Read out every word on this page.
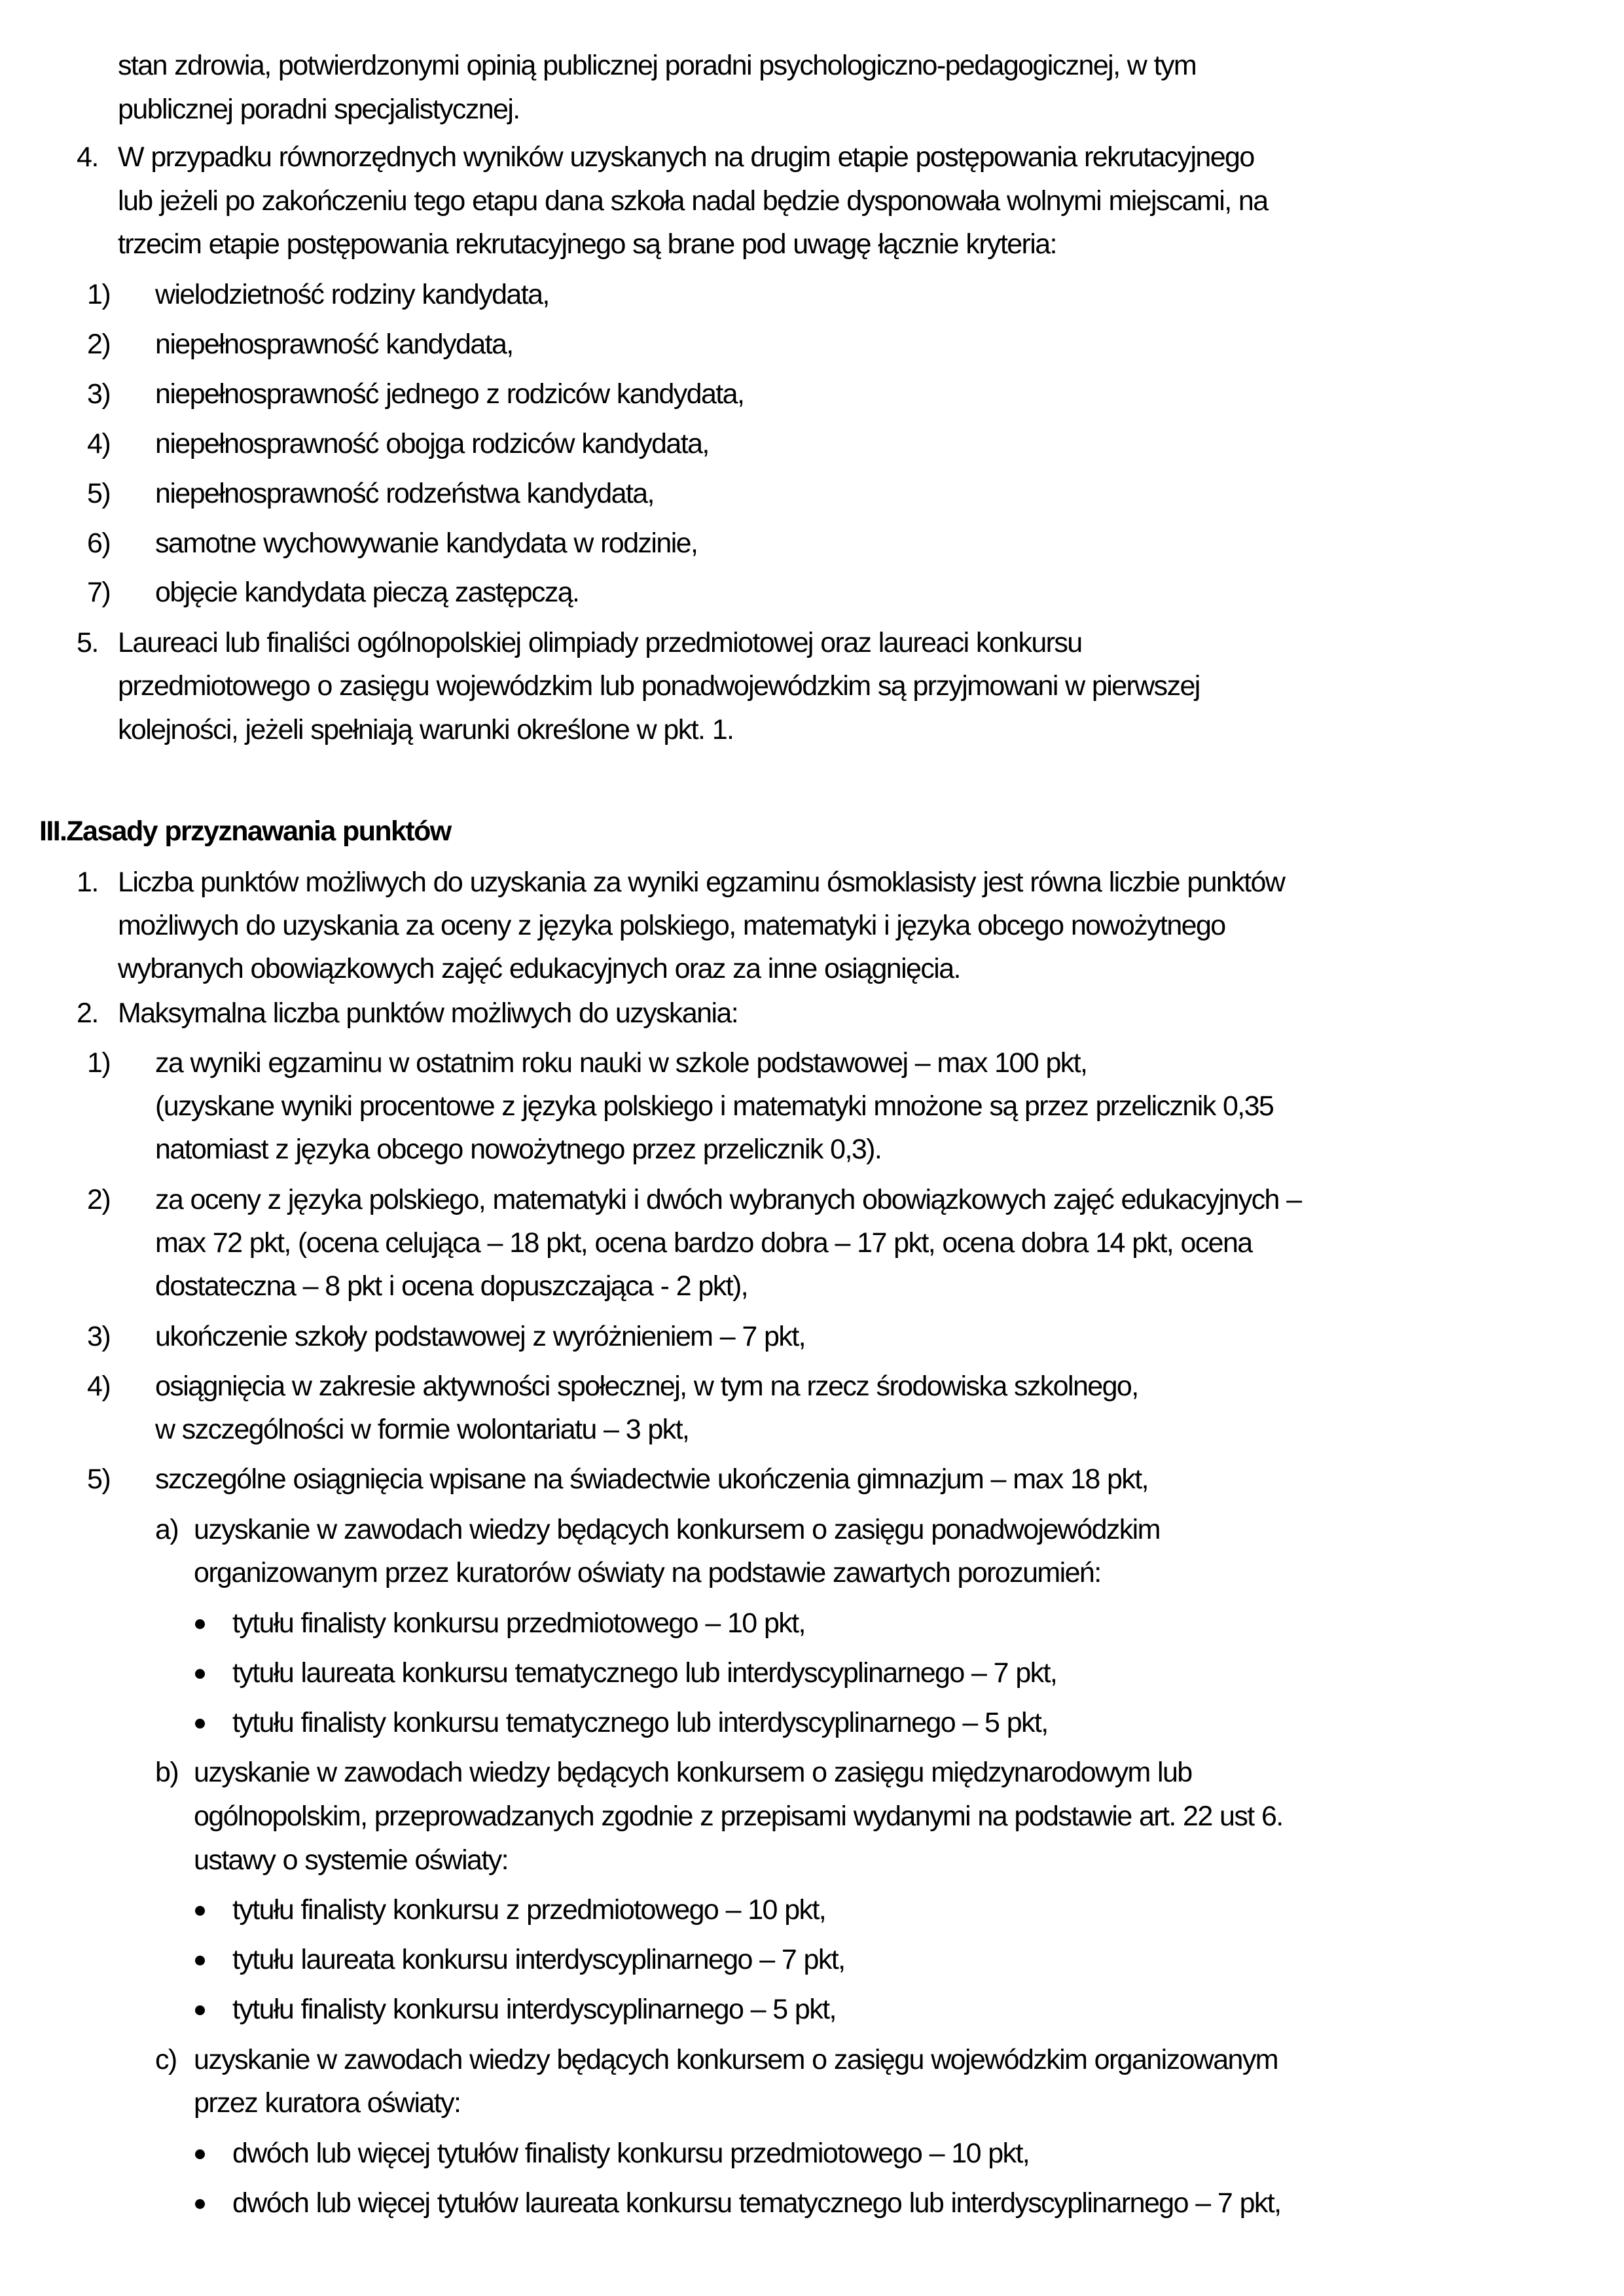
stan zdrowia, potwierdzonymi opinią publicznej poradni psychologiczno-pedagogicznej, w tym
publicznej poradni specjalistycznej.
4. W przypadku równorzędnych wyników uzyskanych na drugim etapie postępowania rekrutacyjnego
lub jeżeli po zakończeniu tego etapu dana szkoła nadal będzie dysponowała wolnymi miejscami, na
trzecim etapie postępowania rekrutacyjnego są brane pod uwagę łącznie kryteria:
1) wielodzietność rodziny kandydata,
2) niepełnosprawność kandydata,
3) niepełnosprawność jednego z rodziców kandydata,
4) niepełnosprawność obojga rodziców kandydata,
5) niepełnosprawność rodzeństwa kandydata,
6) samotne wychowywanie kandydata w rodzinie,
7) objęcie kandydata pieczą zastępczą.
5. Laureaci lub finaliści ogólnopolskiej olimpiady przedmiotowej oraz laureaci konkursu
przedmiotowego o zasięgu wojewódzkim lub ponadwojewódzkim są przyjmowani w pierwszej
kolejności, jeżeli spełniają warunki określone w pkt. 1.
III.Zasady przyznawania punktów
1. Liczba punktów możliwych do uzyskania za wyniki egzaminu ósmoklasisty jest równa liczbie punktów
możliwych do uzyskania za oceny z języka polskiego, matematyki i języka obcego nowożytnego
wybranych obowiązkowych zajęć edukacyjnych oraz za inne osiągnięcia.
2. Maksymalna liczba punktów możliwych do uzyskania:
1) za wyniki egzaminu w ostatnim roku nauki w szkole podstawowej – max 100 pkt,
(uzyskane wyniki procentowe z języka polskiego i matematyki mnożone są przez przelicznik 0,35
natomiast z języka obcego nowożytnego przez przelicznik 0,3).
2) za oceny z języka polskiego, matematyki i dwóch wybranych obowiązkowych zajęć edukacyjnych –
max 72 pkt, (ocena celująca – 18 pkt, ocena bardzo dobra – 17 pkt, ocena dobra 14 pkt, ocena
dostateczna – 8 pkt i ocena dopuszczająca - 2 pkt),
3) ukończenie szkoły podstawowej z wyróżnieniem – 7 pkt,
4) osiągnięcia w zakresie aktywności społecznej, w tym na rzecz środowiska szkolnego,
w szczególności w formie wolontariatu – 3 pkt,
5) szczególne osiągnięcia wpisane na świadectwie ukończenia gimnazjum – max 18 pkt,
a) uzyskanie w zawodach wiedzy będących konkursem o zasięgu ponadwojewódzkim
organizowanym przez kuratorów oświaty na podstawie zawartych porozumień:
tytułu finalisty konkursu przedmiotowego – 10 pkt,
tytułu laureata konkursu tematycznego lub interdyscyplinarnego – 7 pkt,
tytułu finalisty konkursu tematycznego lub interdyscyplinarnego – 5 pkt,
b) uzyskanie w zawodach wiedzy będących konkursem o zasięgu międzynarodowym lub
ogólnopolskim, przeprowadzanych zgodnie z przepisami wydanymi na podstawie art. 22 ust 6.
ustawy o systemie oświaty:
tytułu finalisty konkursu z przedmiotowego – 10 pkt,
tytułu laureata konkursu interdyscyplinarnego – 7 pkt,
tytułu finalisty konkursu interdyscyplinarnego – 5 pkt,
c) uzyskanie w zawodach wiedzy będących konkursem o zasięgu wojewódzkim organizowanym
przez kuratora oświaty:
dwóch lub więcej tytułów finalisty konkursu przedmiotowego – 10 pkt,
dwóch lub więcej tytułów laureata konkursu tematycznego lub interdyscyplinarnego – 7 pkt,
